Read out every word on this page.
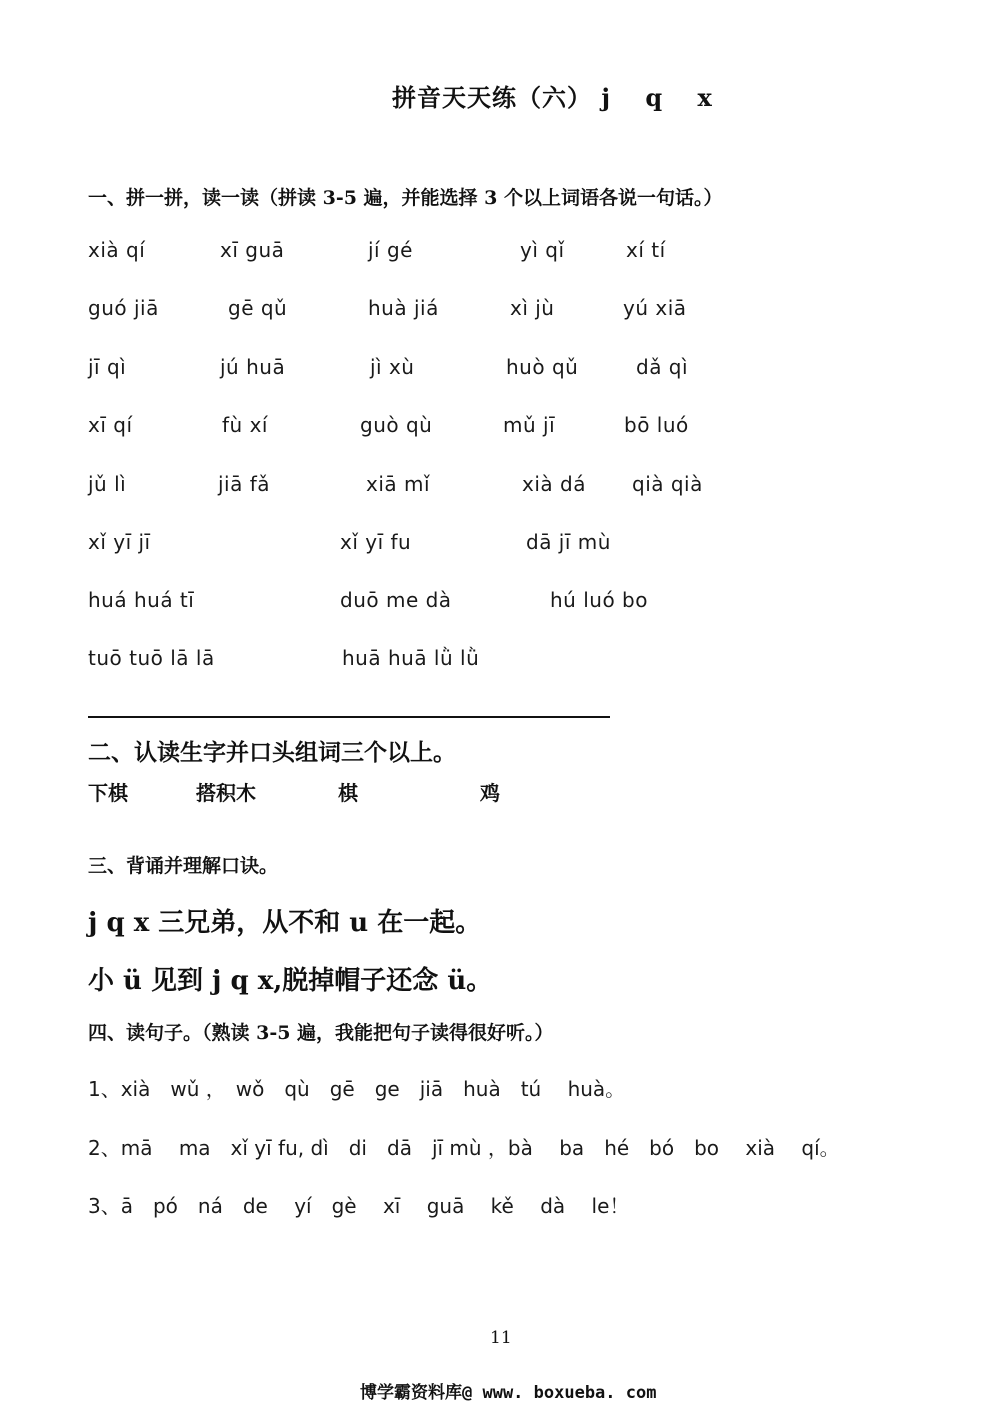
拼音天天练（六） j　 q　 x
一、拼一拼，读一读（拼读 3-5 遍，并能选择 3 个以上词语各说一句话。）
xià qí	xī guā	jí gé	yì qǐ	xí tí
guó jiā	gē qǔ	huà jiá	xì jù	yú xiā
jī qì	jú huā	jì xù	huò qǔ	dǎ qì
xī qí	fù xí	guò qù	mǔ jī	bō luó
jǔ lì	jiā fǎ	xiā mǐ	xià dá qià qià
xǐ yī jī	xǐ yī fu	dā jī mù
huá huá tī	duō me dà	hú luó bo
tuō tuō lā lā	huā huā lǜ lǜ
二、认读生字并口头组词三个以上。
下棋	搭积木	棋	鸡
三、背诵并理解口诀。
j q x 三兄弟，从不和 u 在一起。
小 ü 见到 j q x,脱掉帽子还念 ü。
四、读句子。（熟读 3-5 遍，我能把句子读得很好听。）
1、xià　wǔ ，　wǒ　qù　gē　ge　jiā　huà　tú　 huà。
2、mā　 ma　xǐ yī fu, dì　di　dā　jī mù ，bà　 ba　hé　bó　bo　 xià　 qí。
3、ā　pó　ná　de　 yí　gè　 xī　 guā　 kě　 dà　 le！
11
博学霸资料库@ www. boxueba. com
